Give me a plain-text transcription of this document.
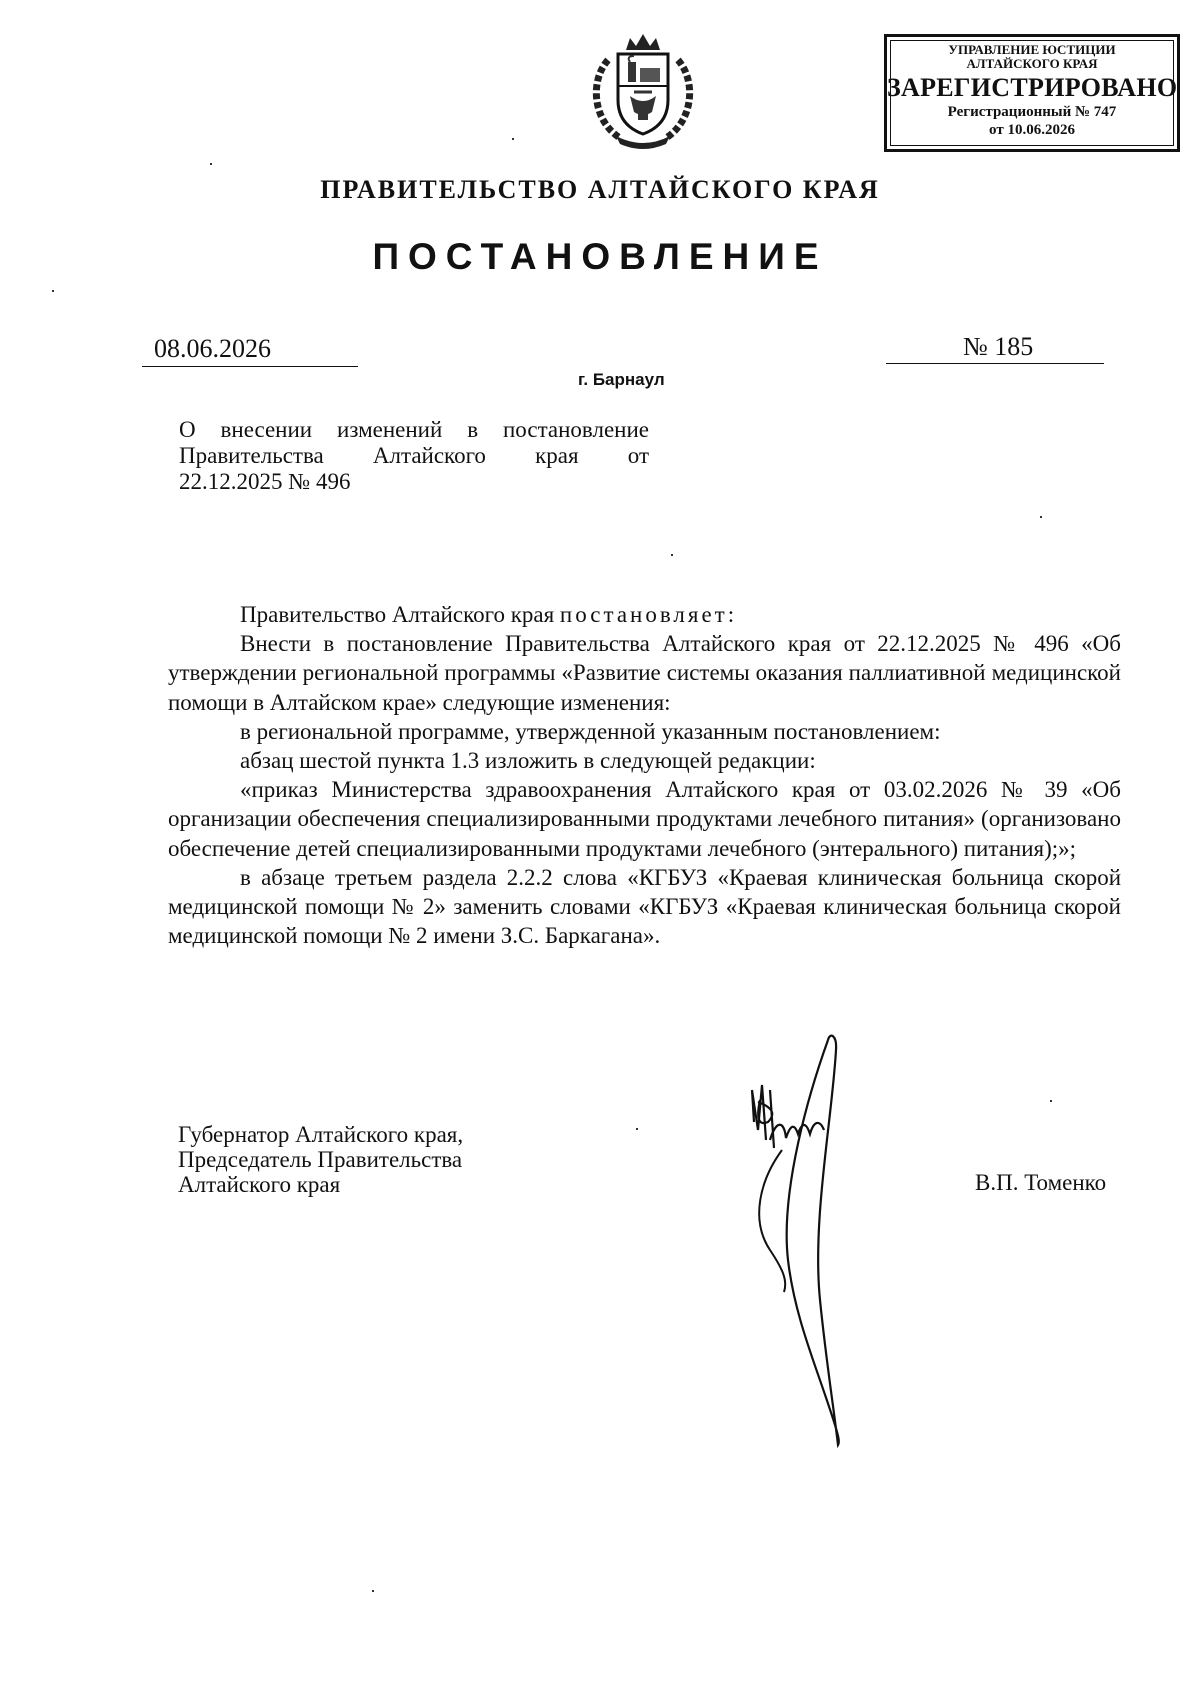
УПРАВЛЕНИЕ ЮСТИЦИИ
АЛТАЙСКОГО КРАЯ
ЗАРЕГИСТРИРОВАНО
Регистрационный № 747
от 10.06.2026
ПРАВИТЕЛЬСТВО АЛТАЙСКОГО КРАЯ
ПОСТАНОВЛЕНИЕ
08.06.2026	№ 185
г. Барнаул
О внесении изменений в постановление
Правительства Алтайского края от
22.12.2025 № 496

Правительство Алтайского края постановляет:

Внести в постановление Правительства Алтайского края от 22.12.2025 № 496 «Об утверждении региональной программы «Развитие системы оказания паллиативной медицинской помощи в Алтайском крае» следующие изменения:

в региональной программе, утвержденной указанным постановлением:

абзац шестой пункта 1.3 изложить в следующей редакции:

«приказ Министерства здравоохранения Алтайского края от 03.02.2026 № 39 «Об организации обеспечения специализированными продуктами лечебного питания» (организовано обеспечение детей специализированными продуктами лечебного (энтерального) питания);»;

в абзаце третьем раздела 2.2.2 слова «КГБУЗ «Краевая клиническая больница скорой медицинской помощи № 2» заменить словами «КГБУЗ «Краевая клиническая больница скорой медицинской помощи № 2 имени З.С. Баркагана».

Губернатор Алтайского края,
Председатель Правительства
Алтайского края	В.П. Томенко
